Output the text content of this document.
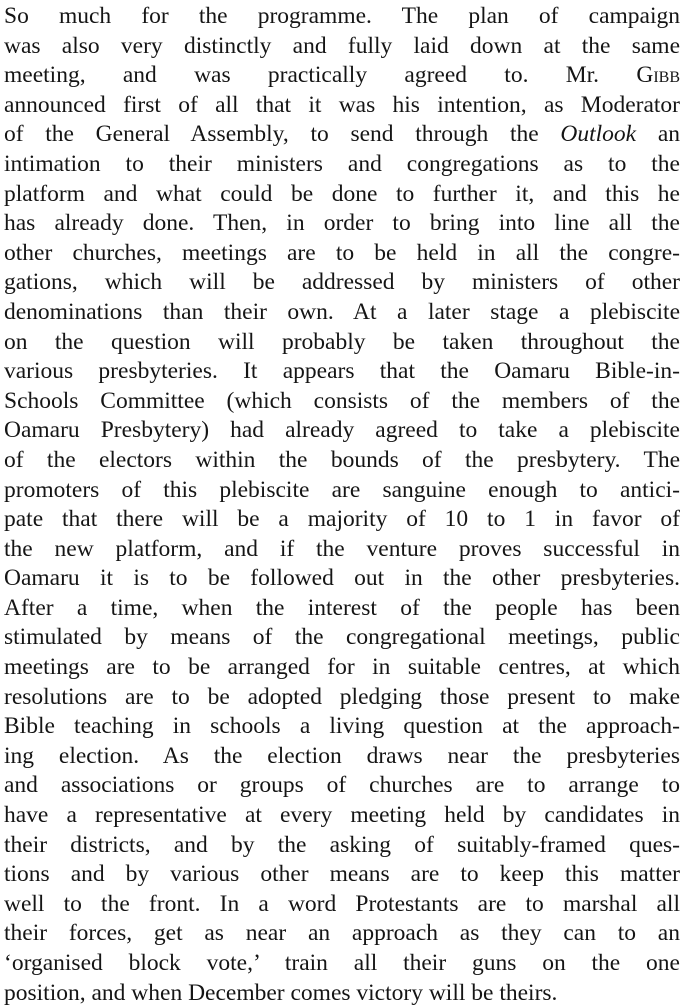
So much for the programme. The plan of campaign
was also very distinctly and fully laid down at the same
meeting, and was practically agreed to. Mr. Gibb
announced first of all that it was his intention, as Moderator
of the General Assembly, to send through the Outlook an
intimation to their ministers and congregations as to the
platform and what could be done to further it, and this he
has already done. Then, in order to bring into line all the
other churches, meetings are to be held in all the congre-
gations, which will be addressed by ministers of other
denominations than their own. At a later stage a plebiscite
on the question will probably be taken throughout the
various presbyteries. It appears that the Oamaru Bible-in-
Schools Committee (which consists of the members of the
Oamaru Presbytery) had already agreed to take a plebiscite
of the electors within the bounds of the presbytery. The
promoters of this plebiscite are sanguine enough to antici-
pate that there will be a majority of 10 to 1 in favor of
the new platform, and if the venture proves successful in
Oamaru it is to be followed out in the other presbyteries.
After a time, when the interest of the people has been
stimulated by means of the congregational meetings, public
meetings are to be arranged for in suitable centres, at which
resolutions are to be adopted pledging those present to make
Bible teaching in schools a living question at the approach-
ing election. As the election draws near the presbyteries
and associations or groups of churches are to arrange to
have a representative at every meeting held by candidates in
their districts, and by the asking of suitably-framed ques-
tions and by various other means are to keep this matter
well to the front. In a word Protestants are to marshal all
their forces, get as near an approach as they can to an
‘organised block vote,’ train all their guns on the one
position, and when December comes victory will be theirs.
